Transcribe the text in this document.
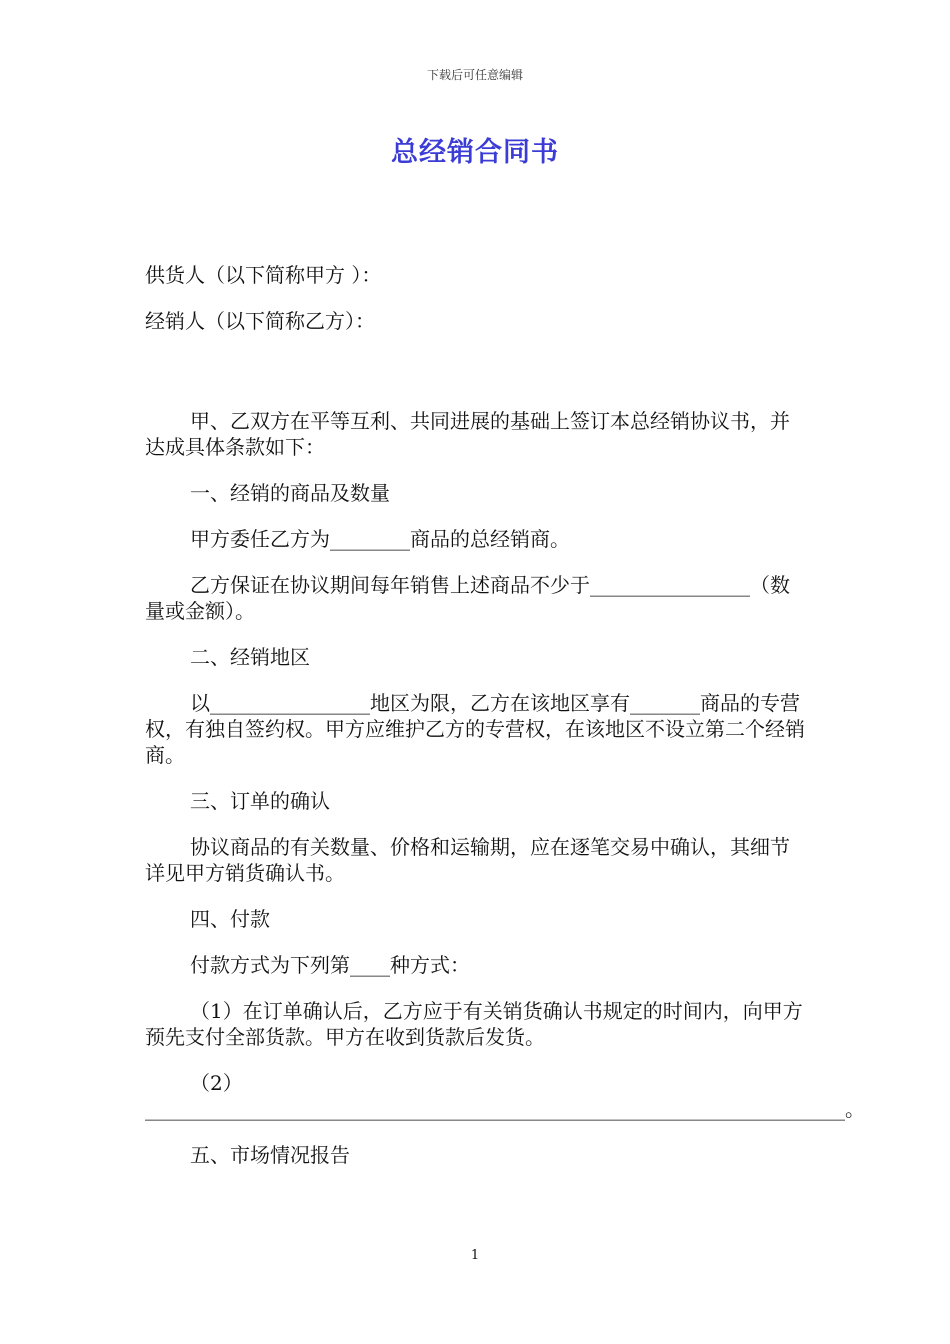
下载后可任意编辑
总经销合同书

供货人（以下简称甲方 ）：

经销人（以下简称乙方）：

甲、乙双方在平等互利、共同进展的基础上签订本总经销协议书，并达成具体条款如下：

一、经销的商品及数量

甲方委任乙方为________商品的总经销商。

乙方保证在协议期间每年销售上述商品不少于________________（数量或金额）。

二、经销地区

以________________地区为限，乙方在该地区享有_______商品的专营权，有独自签约权。甲方应维护乙方的专营权，在该地区不设立第二个经销商。

三、订单的确认

协议商品的有关数量、价格和运输期，应在逐笔交易中确认，其细节详见甲方销货确认书。

四、付款

付款方式为下列第____种方式：

（1）在订单确认后，乙方应于有关销货确认书规定的时间内，向甲方预先支付全部货款。甲方在收到货款后发货。

（2）______________________________________________________________________。

五、市场情况报告

1
